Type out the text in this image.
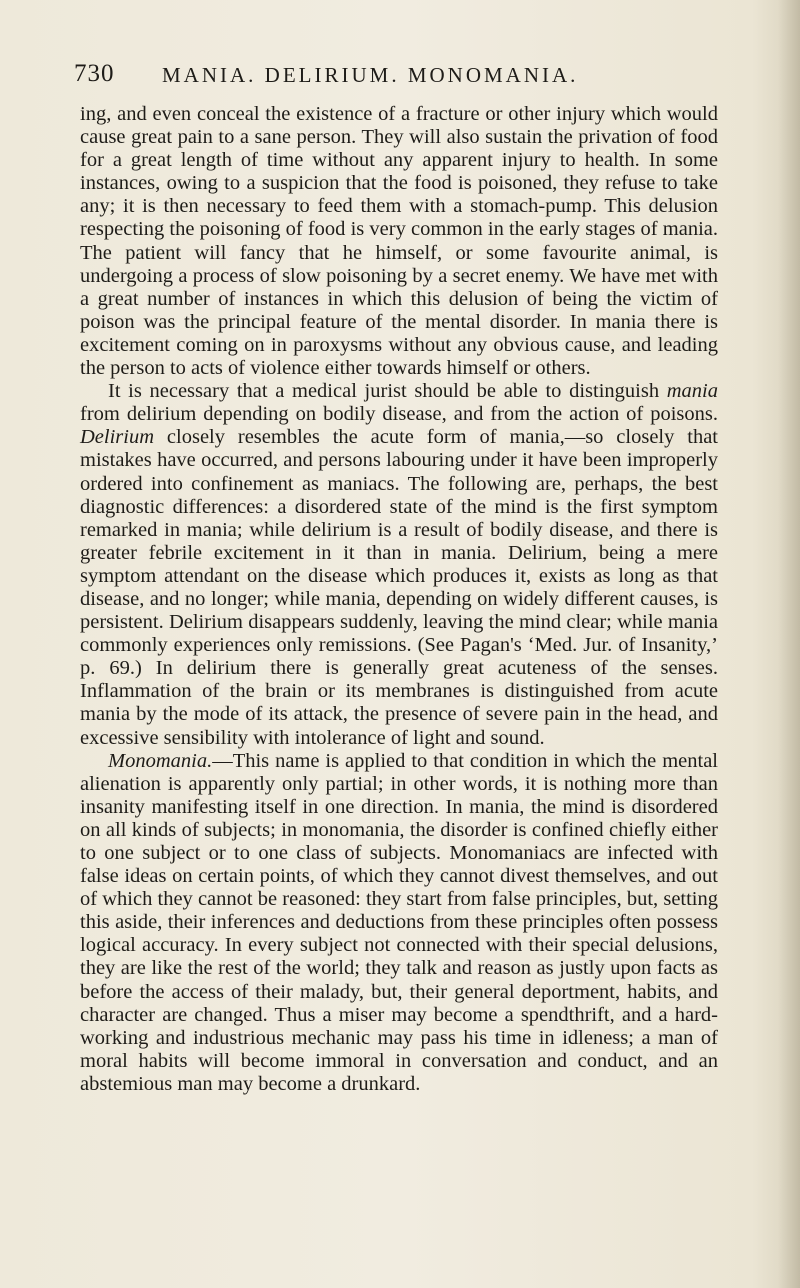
730 MANIA. DELIRIUM. MONOMANIA.

ing, and even conceal the existence of a fracture or other injury which would cause great pain to a sane person. They will also sustain the privation of food for a great length of time without any apparent injury to health. In some instances, owing to a suspicion that the food is poisoned, they refuse to take any; it is then necessary to feed them with a stomach-pump. This delusion respecting the poisoning of food is very common in the early stages of mania. The patient will fancy that he himself, or some favourite animal, is undergoing a process of slow poisoning by a secret enemy. We have met with a great number of instances in which this delusion of being the victim of poison was the principal feature of the mental disorder. In mania there is excitement coming on in paroxysms without any obvious cause, and leading the person to acts of violence either towards himself or others.

It is necessary that a medical jurist should be able to distinguish mania from delirium depending on bodily disease, and from the action of poisons. Delirium closely resembles the acute form of mania,—so closely that mistakes have occurred, and persons labouring under it have been improperly ordered into confinement as maniacs. The following are, perhaps, the best diagnostic differences: a disordered state of the mind is the first symptom remarked in mania; while delirium is a result of bodily disease, and there is greater febrile excitement in it than in mania. Delirium, being a mere symptom attendant on the disease which produces it, exists as long as that disease, and no longer; while mania, depending on widely different causes, is persistent. Delirium disappears suddenly, leaving the mind clear; while mania commonly experiences only remissions. (See Pagan's ‘Med. Jur. of Insanity,’ p. 69.) In delirium there is generally great acuteness of the senses. Inflammation of the brain or its membranes is distinguished from acute mania by the mode of its attack, the presence of severe pain in the head, and excessive sensibility with intolerance of light and sound.

Monomania.—This name is applied to that condition in which the mental alienation is apparently only partial; in other words, it is nothing more than insanity manifesting itself in one direction. In mania, the mind is disordered on all kinds of subjects; in monomania, the disorder is confined chiefly either to one subject or to one class of subjects. Monomaniacs are infected with false ideas on certain points, of which they cannot divest themselves, and out of which they cannot be reasoned: they start from false principles, but, setting this aside, their inferences and deductions from these principles often possess logical accuracy. In every subject not connected with their special delusions, they are like the rest of the world; they talk and reason as justly upon facts as before the access of their malady, but, their general deportment, habits, and character are changed. Thus a miser may become a spendthrift, and a hard-working and industrious mechanic may pass his time in idleness; a man of moral habits will become immoral in conversation and conduct, and an abstemious man may become a drunkard.
